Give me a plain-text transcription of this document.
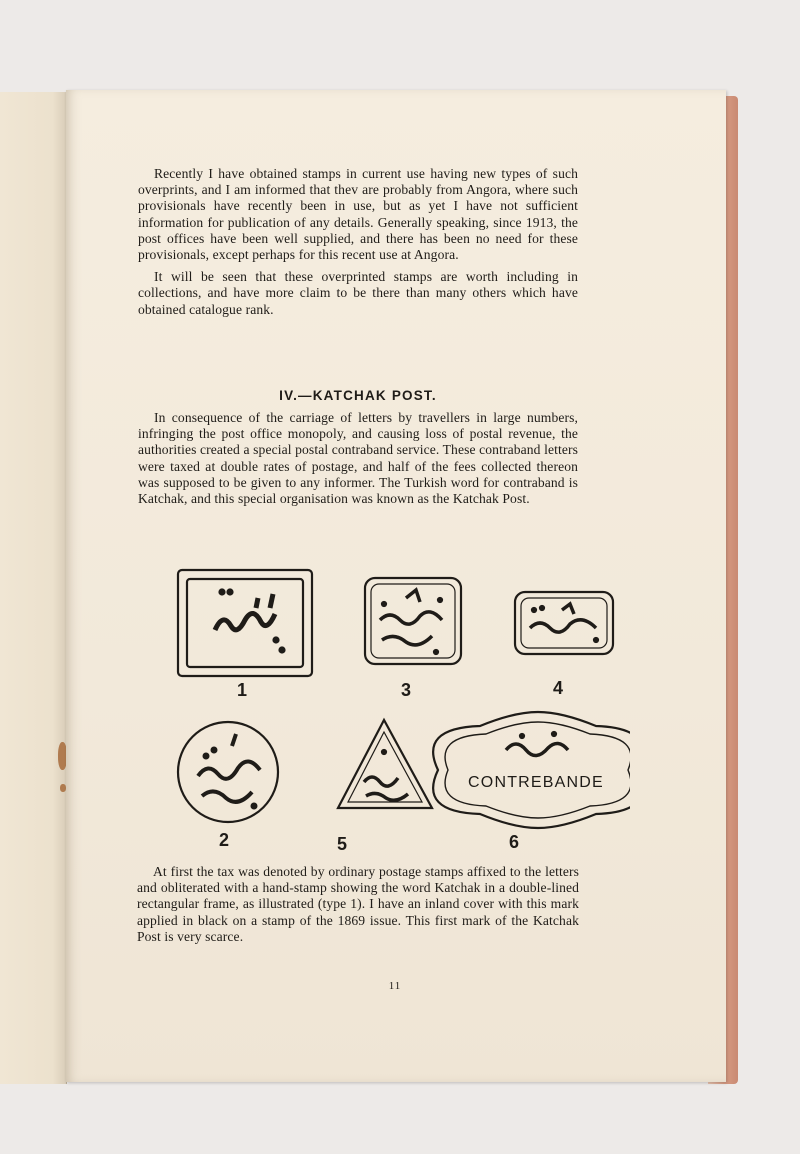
Recently I have obtained stamps in current use having new types of such overprints, and I am informed that thev are probably from Angora, where such provisionals have recently been in use, but as yet I have not sufficient information for publication of any details. Generally speaking, since 1913, the post offices have been well supplied, and there has been no need for these provisionals, except perhaps for this recent use at Angora.

It will be seen that these overprinted stamps are worth including in collections, and have more claim to be there than many others which have obtained catalogue rank.

IV.—KATCHAK POST.

In consequence of the carriage of letters by travellers in large numbers, infringing the post office monopoly, and causing loss of postal revenue, the authorities created a special postal contraband service. These contraband letters were taxed at double rates of postage, and half of the fees collected thereon was supposed to be given to any informer. The Turkish word for contraband is Katchak, and this special organisation was known as the Katchak Post.

CONTREBANDE
1	3	4
2	5	6

At first the tax was denoted by ordinary postage stamps affixed to the letters and obliterated with a hand-stamp showing the word Katchak in a double-lined rectangular frame, as illustrated (type 1). I have an inland cover with this mark applied in black on a stamp of the 1869 issue. This first mark of the Katchak Post is very scarce.

11
